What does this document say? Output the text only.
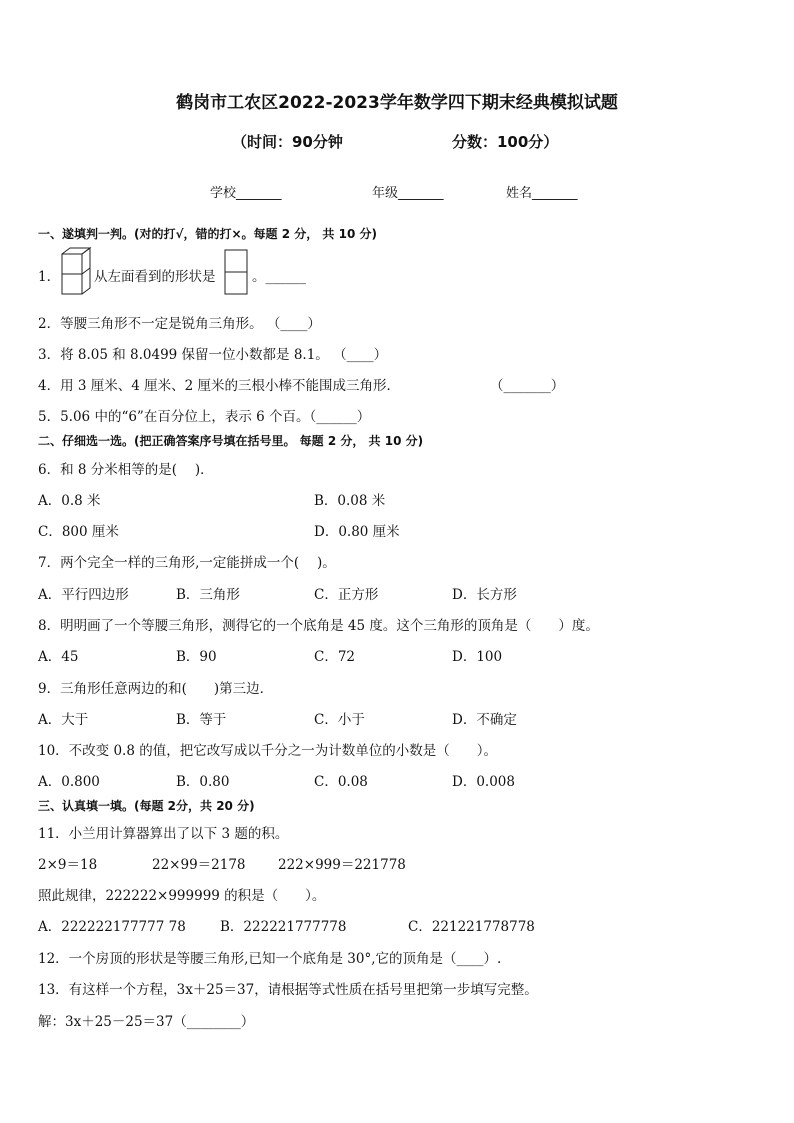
鹤岗市工农区2022-2023学年数学四下期末经典模拟试题
（时间：90分钟	分数：100分）
学校_______	年级_______	姓名_______
一、遂填判一判。(对的打√，错的打×。每题 2 分， 共 10 分)
1．	从左面看到的形状是	。______
2．等腰三角形不一定是锐角三角形。 （____）
3．将 8.05 和 8.0499 保留一位小数都是 8.1。 （____）
4．用 3 厘米、4 厘米、2 厘米的三根小棒不能围成三角形．	（_______）
5．5.06 中的“6”在百分位上，表示 6 个百。（______）
二、仔细选一选。(把正确答案序号填在括号里。 每题 2 分， 共 10 分)
6．和 8 分米相等的是(　 )．
A．0.8 米	B．0.08 米
C．800 厘米	D．0.80 厘米
7．两个完全一样的三角形,一定能拼成一个(　 )。
A．平行四边形	B．三角形	C．正方形	D．长方形
8．明明画了一个等腰三角形，测得它的一个底角是 45 度。这个三角形的顶角是（　　）度。
A．45	B．90	C．72	D．100
9．三角形任意两边的和(　　)第三边．
A．大于	B．等于	C．小于	D．不确定
10．不改变 0.8 的值，把它改写成以千分之一为计数单位的小数是（　　）。
A．0.800	B．0.80	C．0.08	D．0.008
三、认真填一填。(每题 2分，共 20 分)
11．小兰用计算器算出了以下 3 题的积。
2×9＝18	22×99＝2178 222×999＝221778
照此规律，222222×999999 的积是（　　）。
A．222222177777 78	B．222221777778	C．221221778778
12．一个房顶的形状是等腰三角形,已知一个底角是 30°,它的顶角是（____）.
13．有这样一个方程，3x＋25＝37，请根据等式性质在括号里把第一步填写完整。
解：3x＋25－25＝37（________）
